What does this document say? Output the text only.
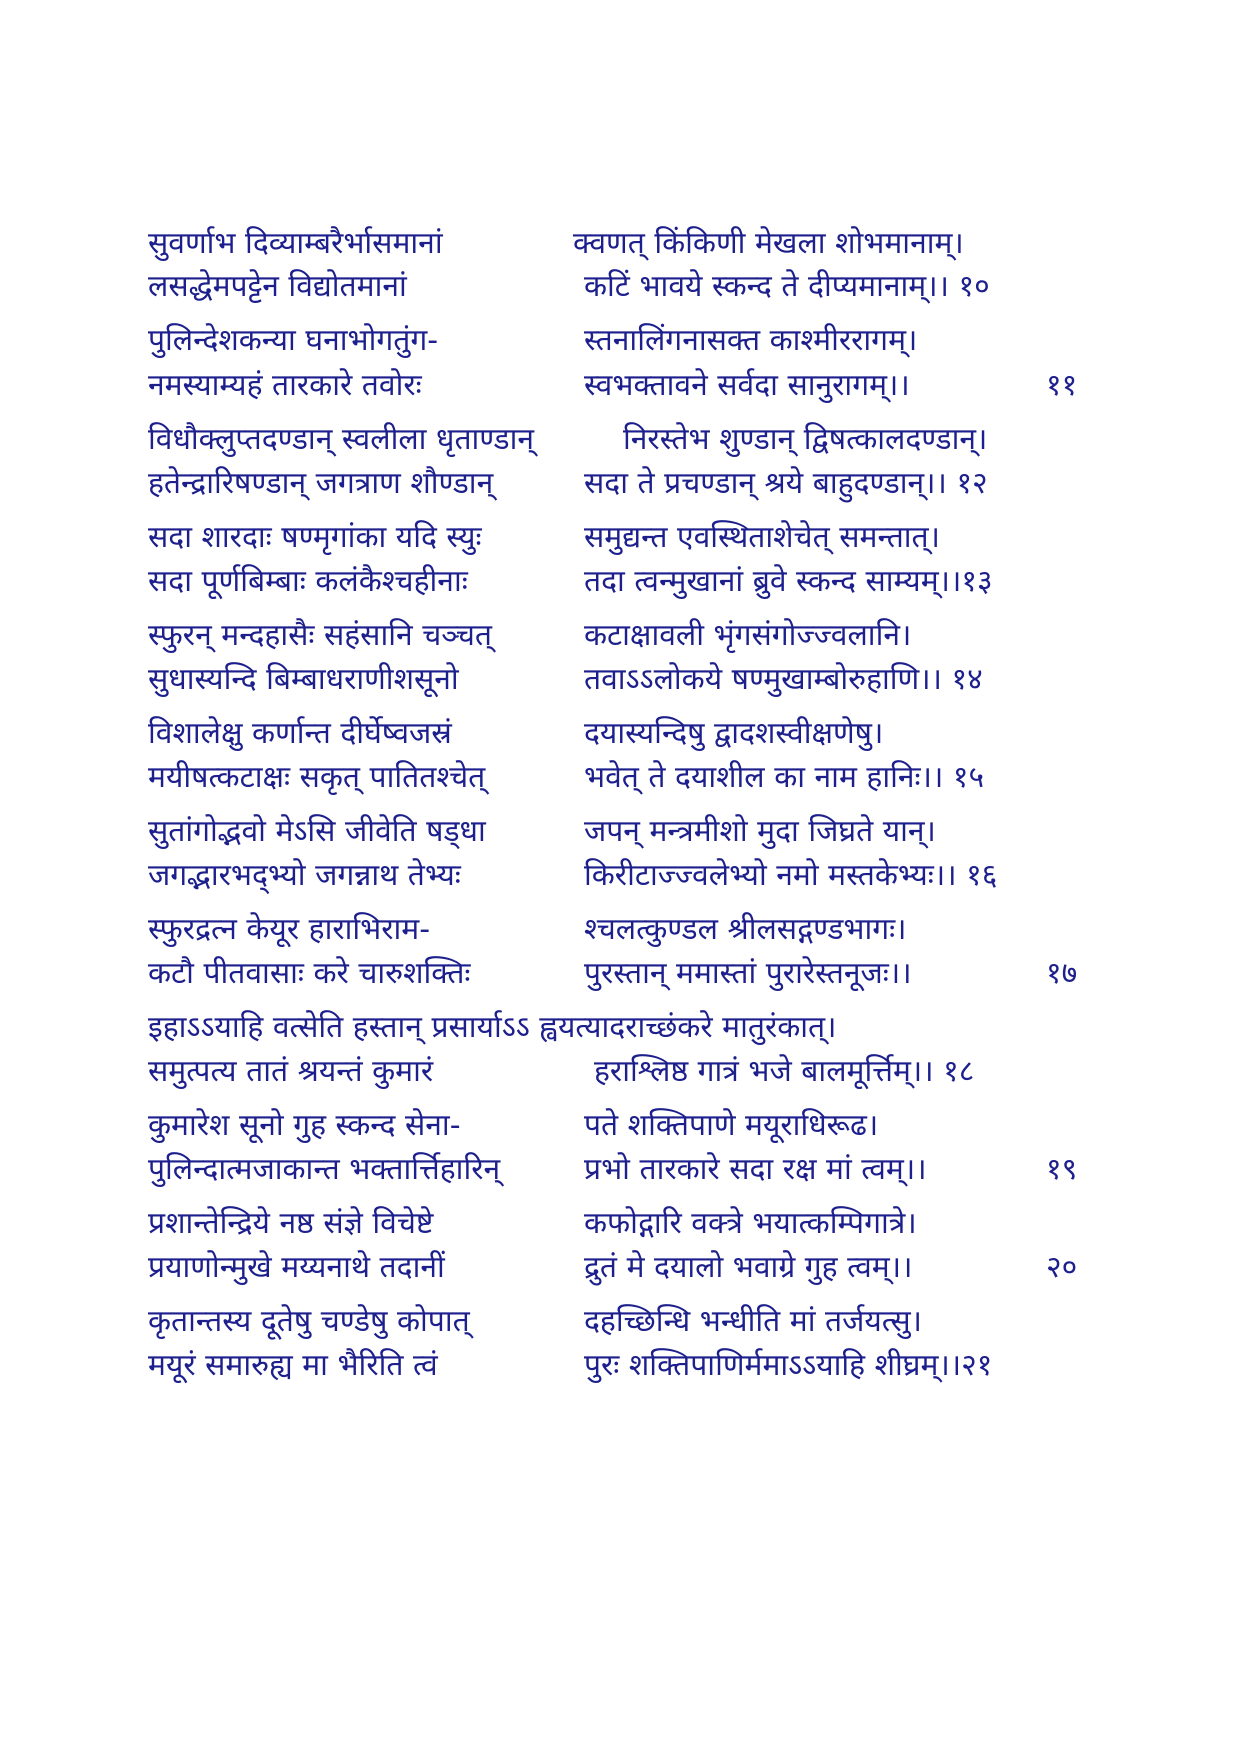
सुवर्णाभ दिव्याम्बरैर्भासमानां	क्वणत् किंकिणी मेखला शोभमानाम्।
लसद्धेमपट्टेन विद्योतमानां	कटिं भावये स्कन्द ते दीप्यमानाम्।। १०
पुलिन्देशकन्या घनाभोगतुंग-	स्तनालिंगनासक्त काश्मीररागम्।
नमस्याम्यहं तारकारे तवोरः	स्वभक्तावने सर्वदा सानुरागम्।।	११
विधौक्लुप्तदण्डान् स्वलीला धृताण्डान्	निरस्तेभ शुण्डान् द्विषत्कालदण्डान्।
हतेन्द्रारिषण्डान् जगत्राण शौण्डान्	सदा ते प्रचण्डान् श्रये बाहुदण्डान्।। १२
सदा शारदाः षण्मृगांका यदि स्युः	समुद्यन्त एवस्थिताशेचेत् समन्तात्।
सदा पूर्णबिम्बाः कलंकैश्चहीनाः	तदा त्वन्मुखानां ब्रुवे स्कन्द साम्यम्।।१३
स्फुरन् मन्दहासैः सहंसानि चञ्चत्	कटाक्षावली भृंगसंगोज्ज्वलानि।
सुधास्यन्दि बिम्बाधराणीशसूनो	तवाऽऽलोकये षण्मुखाम्बोरुहाणि।। १४
विशालेक्षु कर्णान्त दीर्घेष्वजस्रं	दयास्यन्दिषु द्वादशस्वीक्षणेषु।
मयीषत्कटाक्षः सकृत् पातितश्चेत्	भवेत् ते दयाशील का नाम हानिः।। १५
सुतांगोद्भवो मेऽसि जीवेति षड्धा	जपन् मन्त्रमीशो मुदा जिघ्रते यान्।
जगद्भारभद्भ्यो जगन्नाथ तेभ्यः	किरीटाज्ज्वलेभ्यो नमो मस्तकेभ्यः।। १६
स्फुरद्रत्न केयूर हाराभिराम-	श्चलत्कुण्डल श्रीलसद्गण्डभागः।
कटौ पीतवासाः करे चारुशक्तिः	पुरस्तान् ममास्तां पुरारेस्तनूजः।।	१७
इहाऽऽयाहि वत्सेति हस्तान् प्रसार्याऽऽ ह्वयत्यादराच्छंकरे मातुरंकात्।
समुत्पत्य तातं श्रयन्तं कुमारं	हराश्लिष्ठ गात्रं भजे बालमूर्त्तिम्।। १८
कुमारेश सूनो गुह स्कन्द सेना-	पते शक्तिपाणे मयूराधिरूढ।
पुलिन्दात्मजाकान्त भक्तार्त्तिहारिन्	प्रभो तारकारे सदा रक्ष मां त्वम्।।	१९
प्रशान्तेन्द्रिये नष्ठ संज्ञे विचेष्टे	कफोद्गारि वक्त्रे भयात्कम्पिगात्रे।
प्रयाणोन्मुखे मय्यनाथे तदानीं	द्रुतं मे दयालो भवाग्रे गुह त्वम्।।	२०
कृतान्तस्य दूतेषु चण्डेषु कोपात्	दहच्छिन्धि भन्धीति मां तर्जयत्सु।
मयूरं समारुह्य मा भैरिति त्वं	पुरः शक्तिपाणिर्ममाऽऽयाहि शीघ्रम्।।२१
